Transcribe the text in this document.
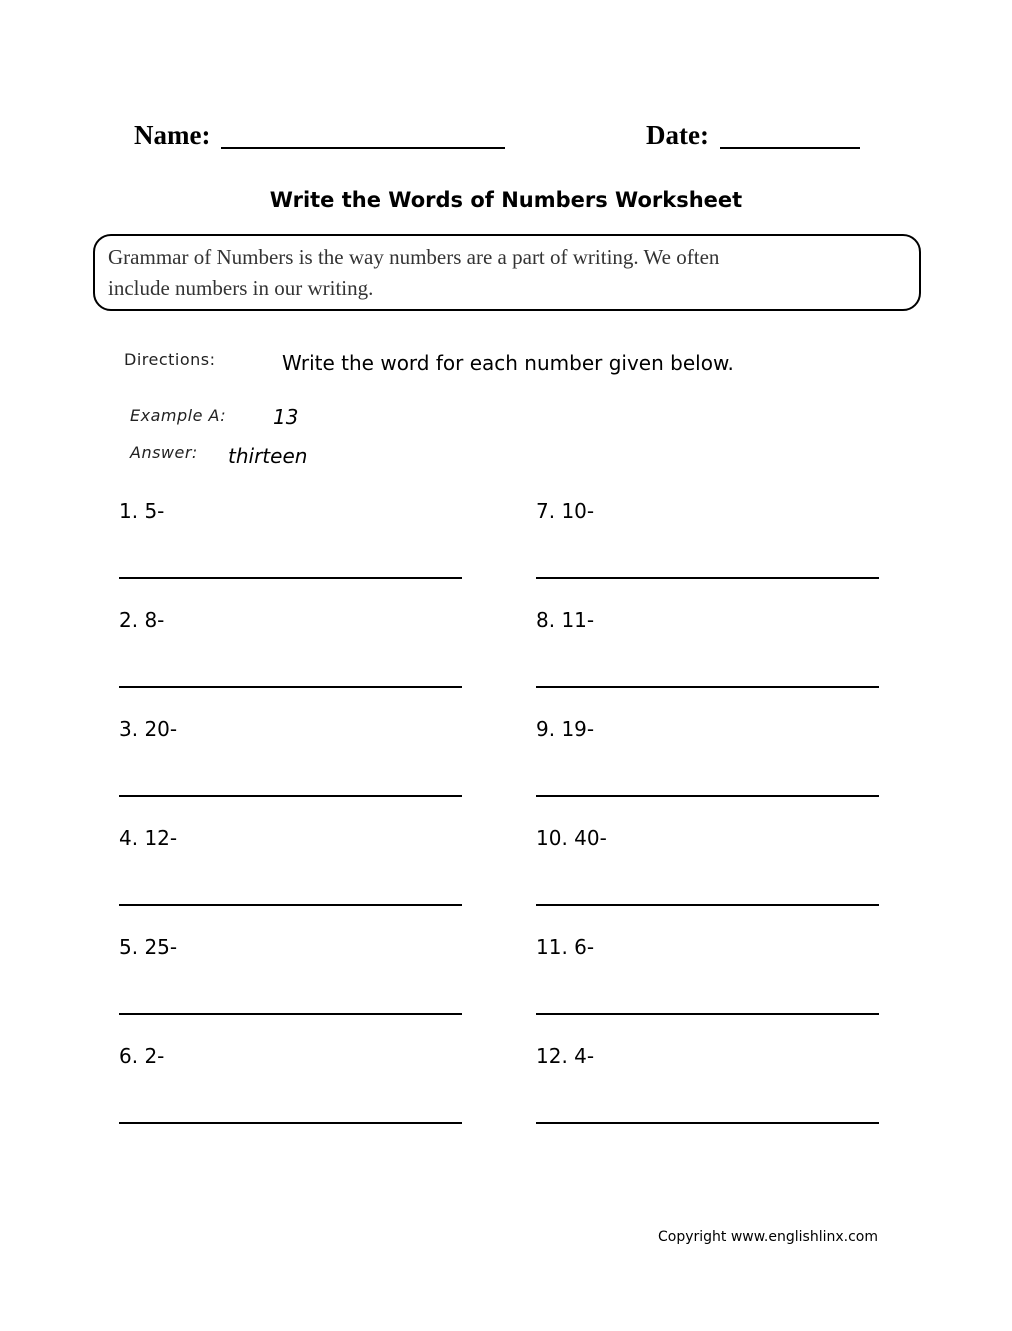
Name:	Date:
Write the Words of Numbers Worksheet
Grammar of Numbers is the way numbers are a part of writing. We often
include numbers in our writing.
Directions:	Write the word for each number given below.
Example A: 13
Answer: thirteen
1. 5-
2. 8-
3. 20-
4. 12-
5. 25-
6. 2-
7. 10-
8. 11-
9. 19-
10. 40-
11. 6-
12. 4-
Copyright www.englishlinx.com
